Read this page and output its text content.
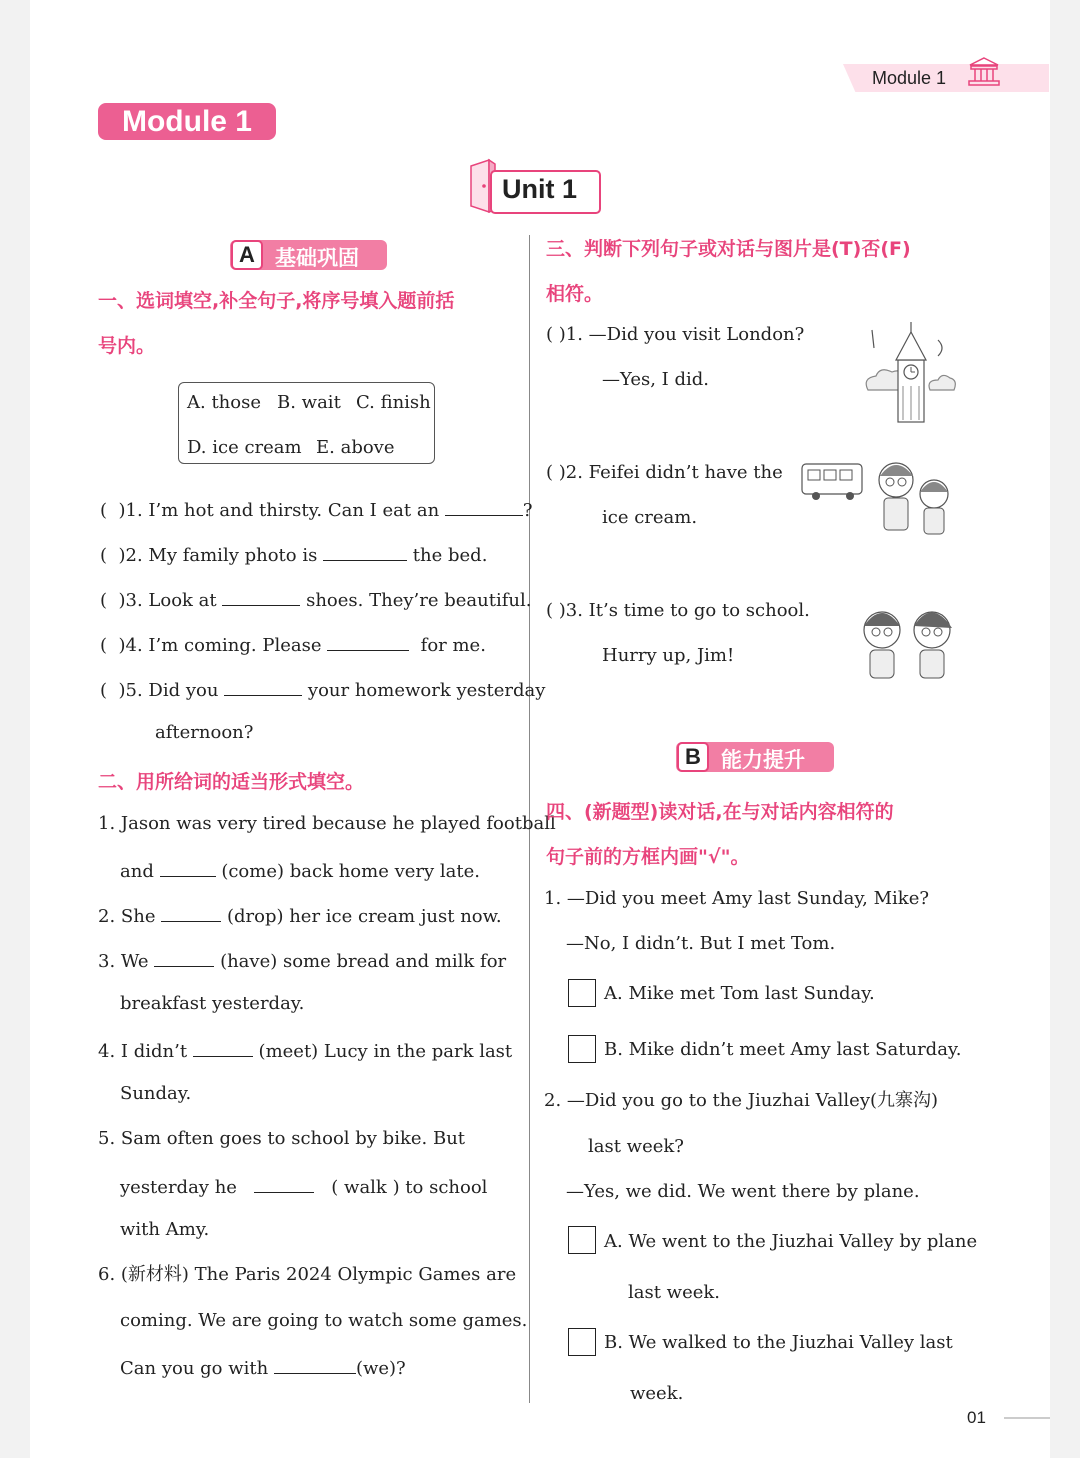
Module 1
Module 1
Unit 1
A 基础巩固
一、选词填空,补全句子,将序号填入题前括
号内。
A. those B. wait C. finish
D. ice cream E. above
( )1. I’m hot and thirsty. Can I eat an	?
( )2. My family photo is	the bed.
( )3. Look at	shoes. They’re beautiful.
( )4. I’m coming. Please	for me.
( )5. Did you	your homework yesterday
afternoon?
二、用所给词的适当形式填空。
1. Jason was very tired because he played football
and	(come) back home very late.
2. She	(drop) her ice cream just now.
3. We	(have) some bread and milk for
breakfast yesterday.
4. I didn’t	(meet) Lucy in the park last
Sunday.
5. Sam often goes to school by bike. But
yesterday he	( walk ) to school
with Amy.
6. (新材料) The Paris 2024 Olympic Games are
coming. We are going to watch some games.
Can you go with	(we)?
三、判断下列句子或对话与图片是(T)否(F)
相符。
( )1. —Did you visit London?
—Yes, I did.
( )2. Feifei didn’t have the
ice cream.
( )3. It’s time to go to school.
Hurry up, Jim!
B 能力提升
四、(新题型)读对话,在与对话内容相符的
句子前的方框内画"√"。
1. —Did you meet Amy last Sunday, Mike?
—No, I didn’t. But I met Tom.
A. Mike met Tom last Sunday.
B. Mike didn’t meet Amy last Saturday.
2. —Did you go to the Jiuzhai Valley(九寨沟)
last week?
—Yes, we did. We went there by plane.
A. We went to the Jiuzhai Valley by plane
last week.
B. We walked to the Jiuzhai Valley last
week.
01
